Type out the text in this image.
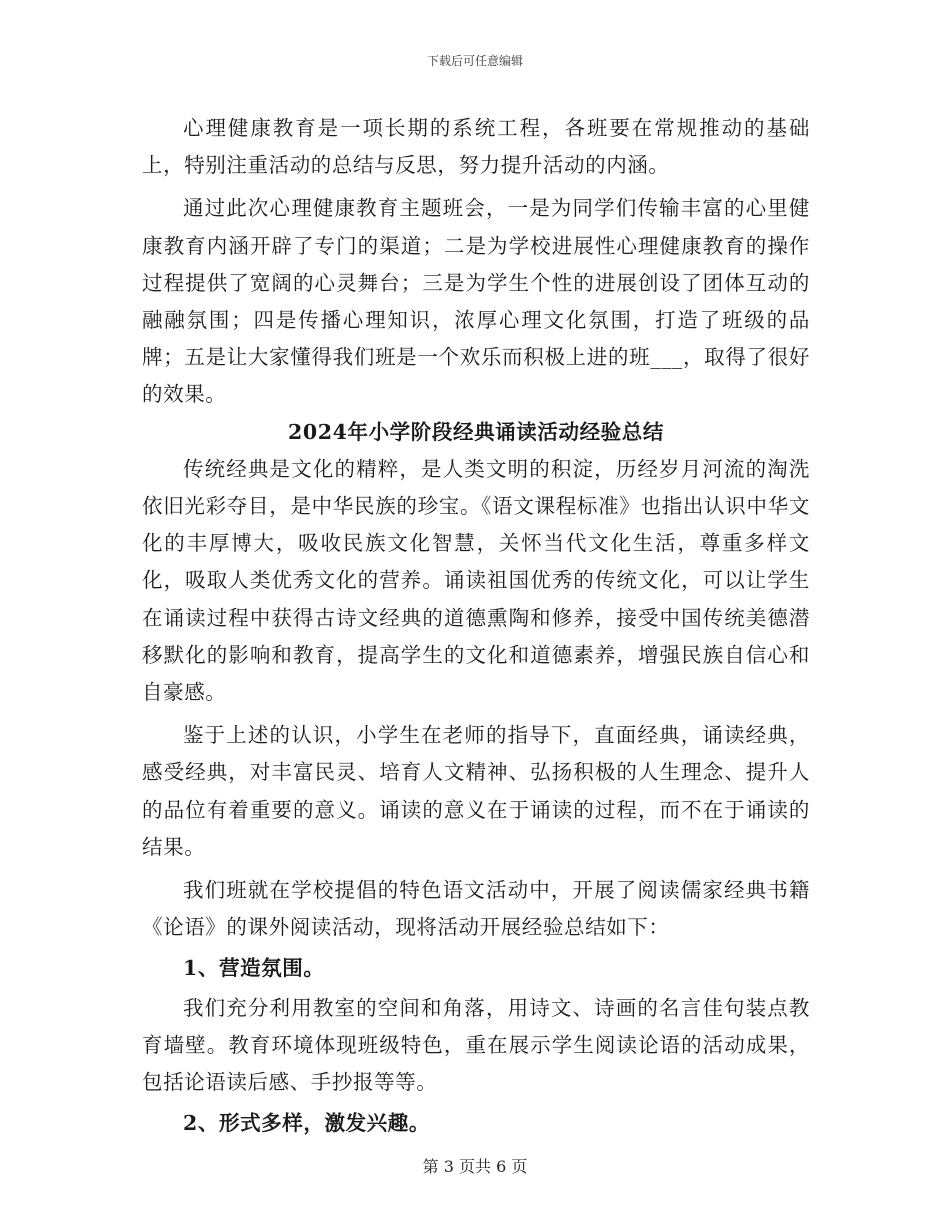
下载后可任意编辑

心理健康教育是一项长期的系统工程，各班要在常规推动的基础上，特别注重活动的总结与反思，努力提升活动的内涵。

通过此次心理健康教育主题班会，一是为同学们传输丰富的心里健康教育内涵开辟了专门的渠道；二是为学校进展性心理健康教育的操作过程提供了宽阔的心灵舞台；三是为学生个性的进展创设了团体互动的融融氛围；四是传播心理知识，浓厚心理文化氛围，打造了班级的品牌；五是让大家懂得我们班是一个欢乐而积极上进的班___，取得了很好的效果。

2024年小学阶段经典诵读活动经验总结

传统经典是文化的精粹，是人类文明的积淀，历经岁月河流的淘洗依旧光彩夺目，是中华民族的珍宝。《语文课程标准》也指出认识中华文化的丰厚博大，吸收民族文化智慧，关怀当代文化生活，尊重多样文化，吸取人类优秀文化的营养。诵读祖国优秀的传统文化，可以让学生在诵读过程中获得古诗文经典的道德熏陶和修养，接受中国传统美德潜移默化的影响和教育，提高学生的文化和道德素养，增强民族自信心和自豪感。

鉴于上述的认识，小学生在老师的指导下，直面经典，诵读经典，感受经典，对丰富民灵、培育人文精神、弘扬积极的人生理念、提升人的品位有着重要的意义。诵读的意义在于诵读的过程，而不在于诵读的结果。

我们班就在学校提倡的特色语文活动中，开展了阅读儒家经典书籍《论语》的课外阅读活动，现将活动开展经验总结如下：

1、营造氛围。

我们充分利用教室的空间和角落，用诗文、诗画的名言佳句装点教育墙壁。教育环境体现班级特色，重在展示学生阅读论语的活动成果，包括论语读后感、手抄报等等。

2、形式多样，激发兴趣。

第 3 页共 6 页
